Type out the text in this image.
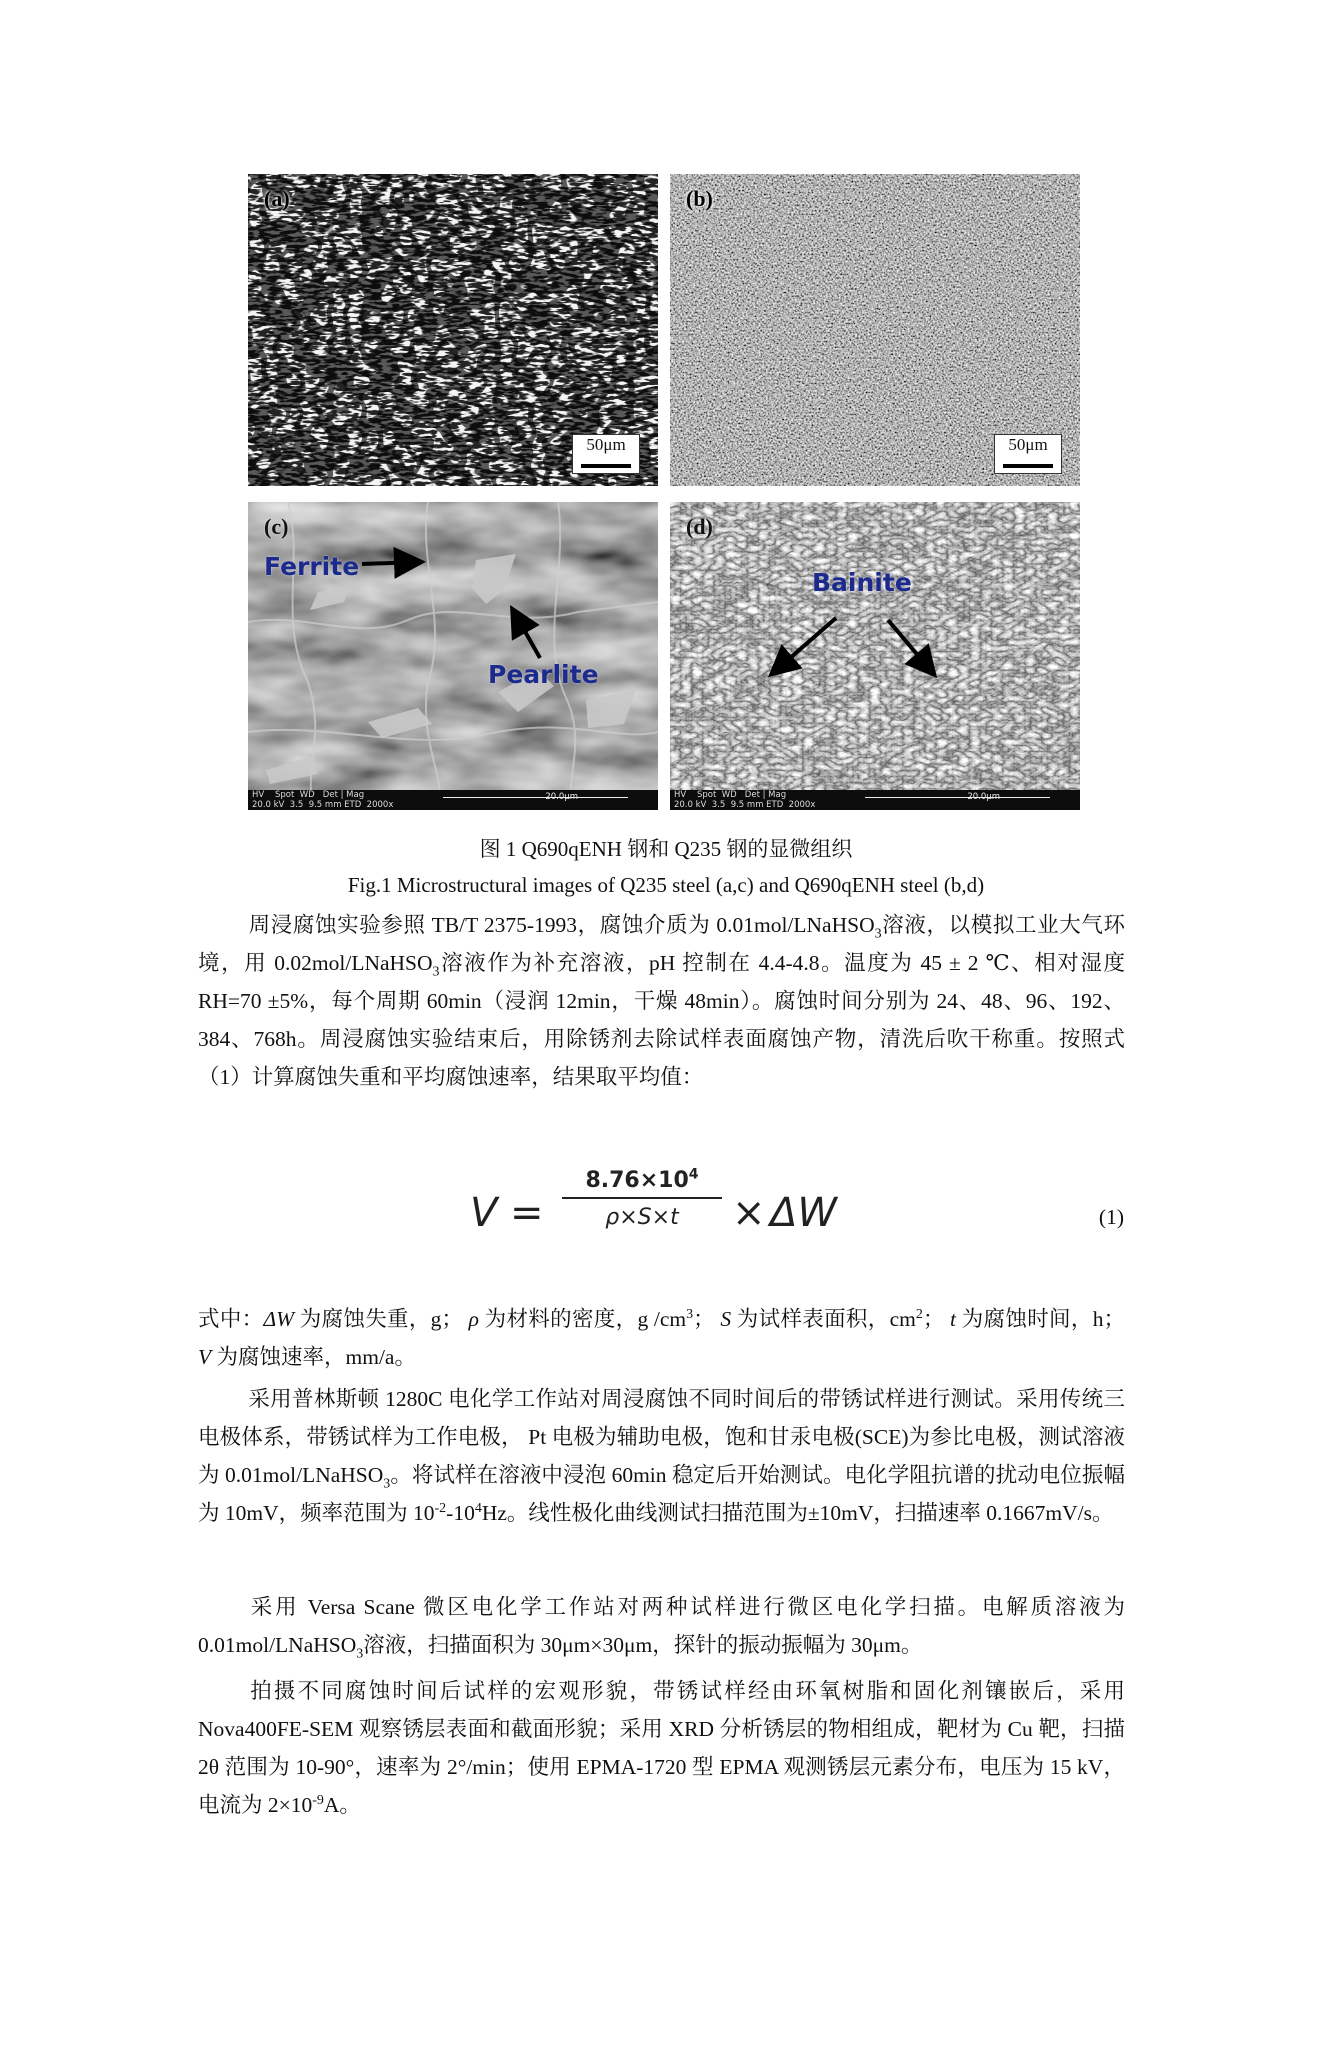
(a)
50μm
(b)
50μm
(c)
Ferrite
Pearlite
HV    Spot  WD   Det | Mag
20.0 kV  3.5  9.5 mm ETD  2000x
20.0μm
(d)
Bainite
HV    Spot  WD   Det | Mag
20.0 kV  3.5  9.5 mm ETD  2000x
20.0μm
图 1 Q690qENH 钢和 Q235 钢的显微组织
Fig.1 Microstructural images of Q235 steel (a,c) and Q690qENH steel (b,d)
周浸腐蚀实验参照 TB/T 2375-1993，腐蚀介质为 0.01mol/LNaHSO$_3$溶液，以模拟工业大气环境，用 0.02mol/LNaHSO$_3$溶液作为补充溶液，pH 控制在 4.4-4.8。温度为 45 ± 2 ℃、相对湿度 RH=70 ±5%，每个周期 60min（浸润 12min，干燥 48min）。腐蚀时间分别为 24、48、96、192、384、768h。周浸腐蚀实验结束后，用除锈剂去除试样表面腐蚀产物，清洗后吹干称重。按照式（1）计算腐蚀失重和平均腐蚀速率，结果取平均值：
V =
$8.76\times 10^4$
ρ×S×t	× ΔW	(1)
式中：ΔW 为腐蚀失重，g； ρ 为材料的密度，g $/cm^3$； S 为试样表面积，$cm^2$； t 为腐蚀时间，h； V 为腐蚀速率，mm/a。
采用普林斯顿 1280C 电化学工作站对周浸腐蚀不同时间后的带锈试样进行测试。采用传统三电极体系，带锈试样为工作电极， Pt 电极为辅助电极，饱和甘汞电极(SCE)为参比电极，测试溶液为 0.01mol/LNaHSO$_3$。将试样在溶液中浸泡 60min 稳定后开始测试。电化学阻抗谱的扰动电位振幅为 10mV，频率范围为 $10^{-2}-10^4Hz$。线性极化曲线测试扫描范围为±10mV，扫描速率 0.1667mV/s。
采用 Versa Scane 微区电化学工作站对两种试样进行微区电化学扫描。电解质溶液为 0.01mol/LNaHSO$_3$溶液，扫描面积为 30μm×30μm，探针的振动振幅为 30μm。
拍摄不同腐蚀时间后试样的宏观形貌，带锈试样经由环氧树脂和固化剂镶嵌后，采用 Nova400FE-SEM 观察锈层表面和截面形貌；采用 XRD 分析锈层的物相组成，靶材为 Cu 靶，扫描 2θ 范围为 10-90°，速率为 2°/min；使用 EPMA-1720 型 EPMA 观测锈层元素分布，电压为 15 kV，电流为 $2\times 10^{-9}A$。
